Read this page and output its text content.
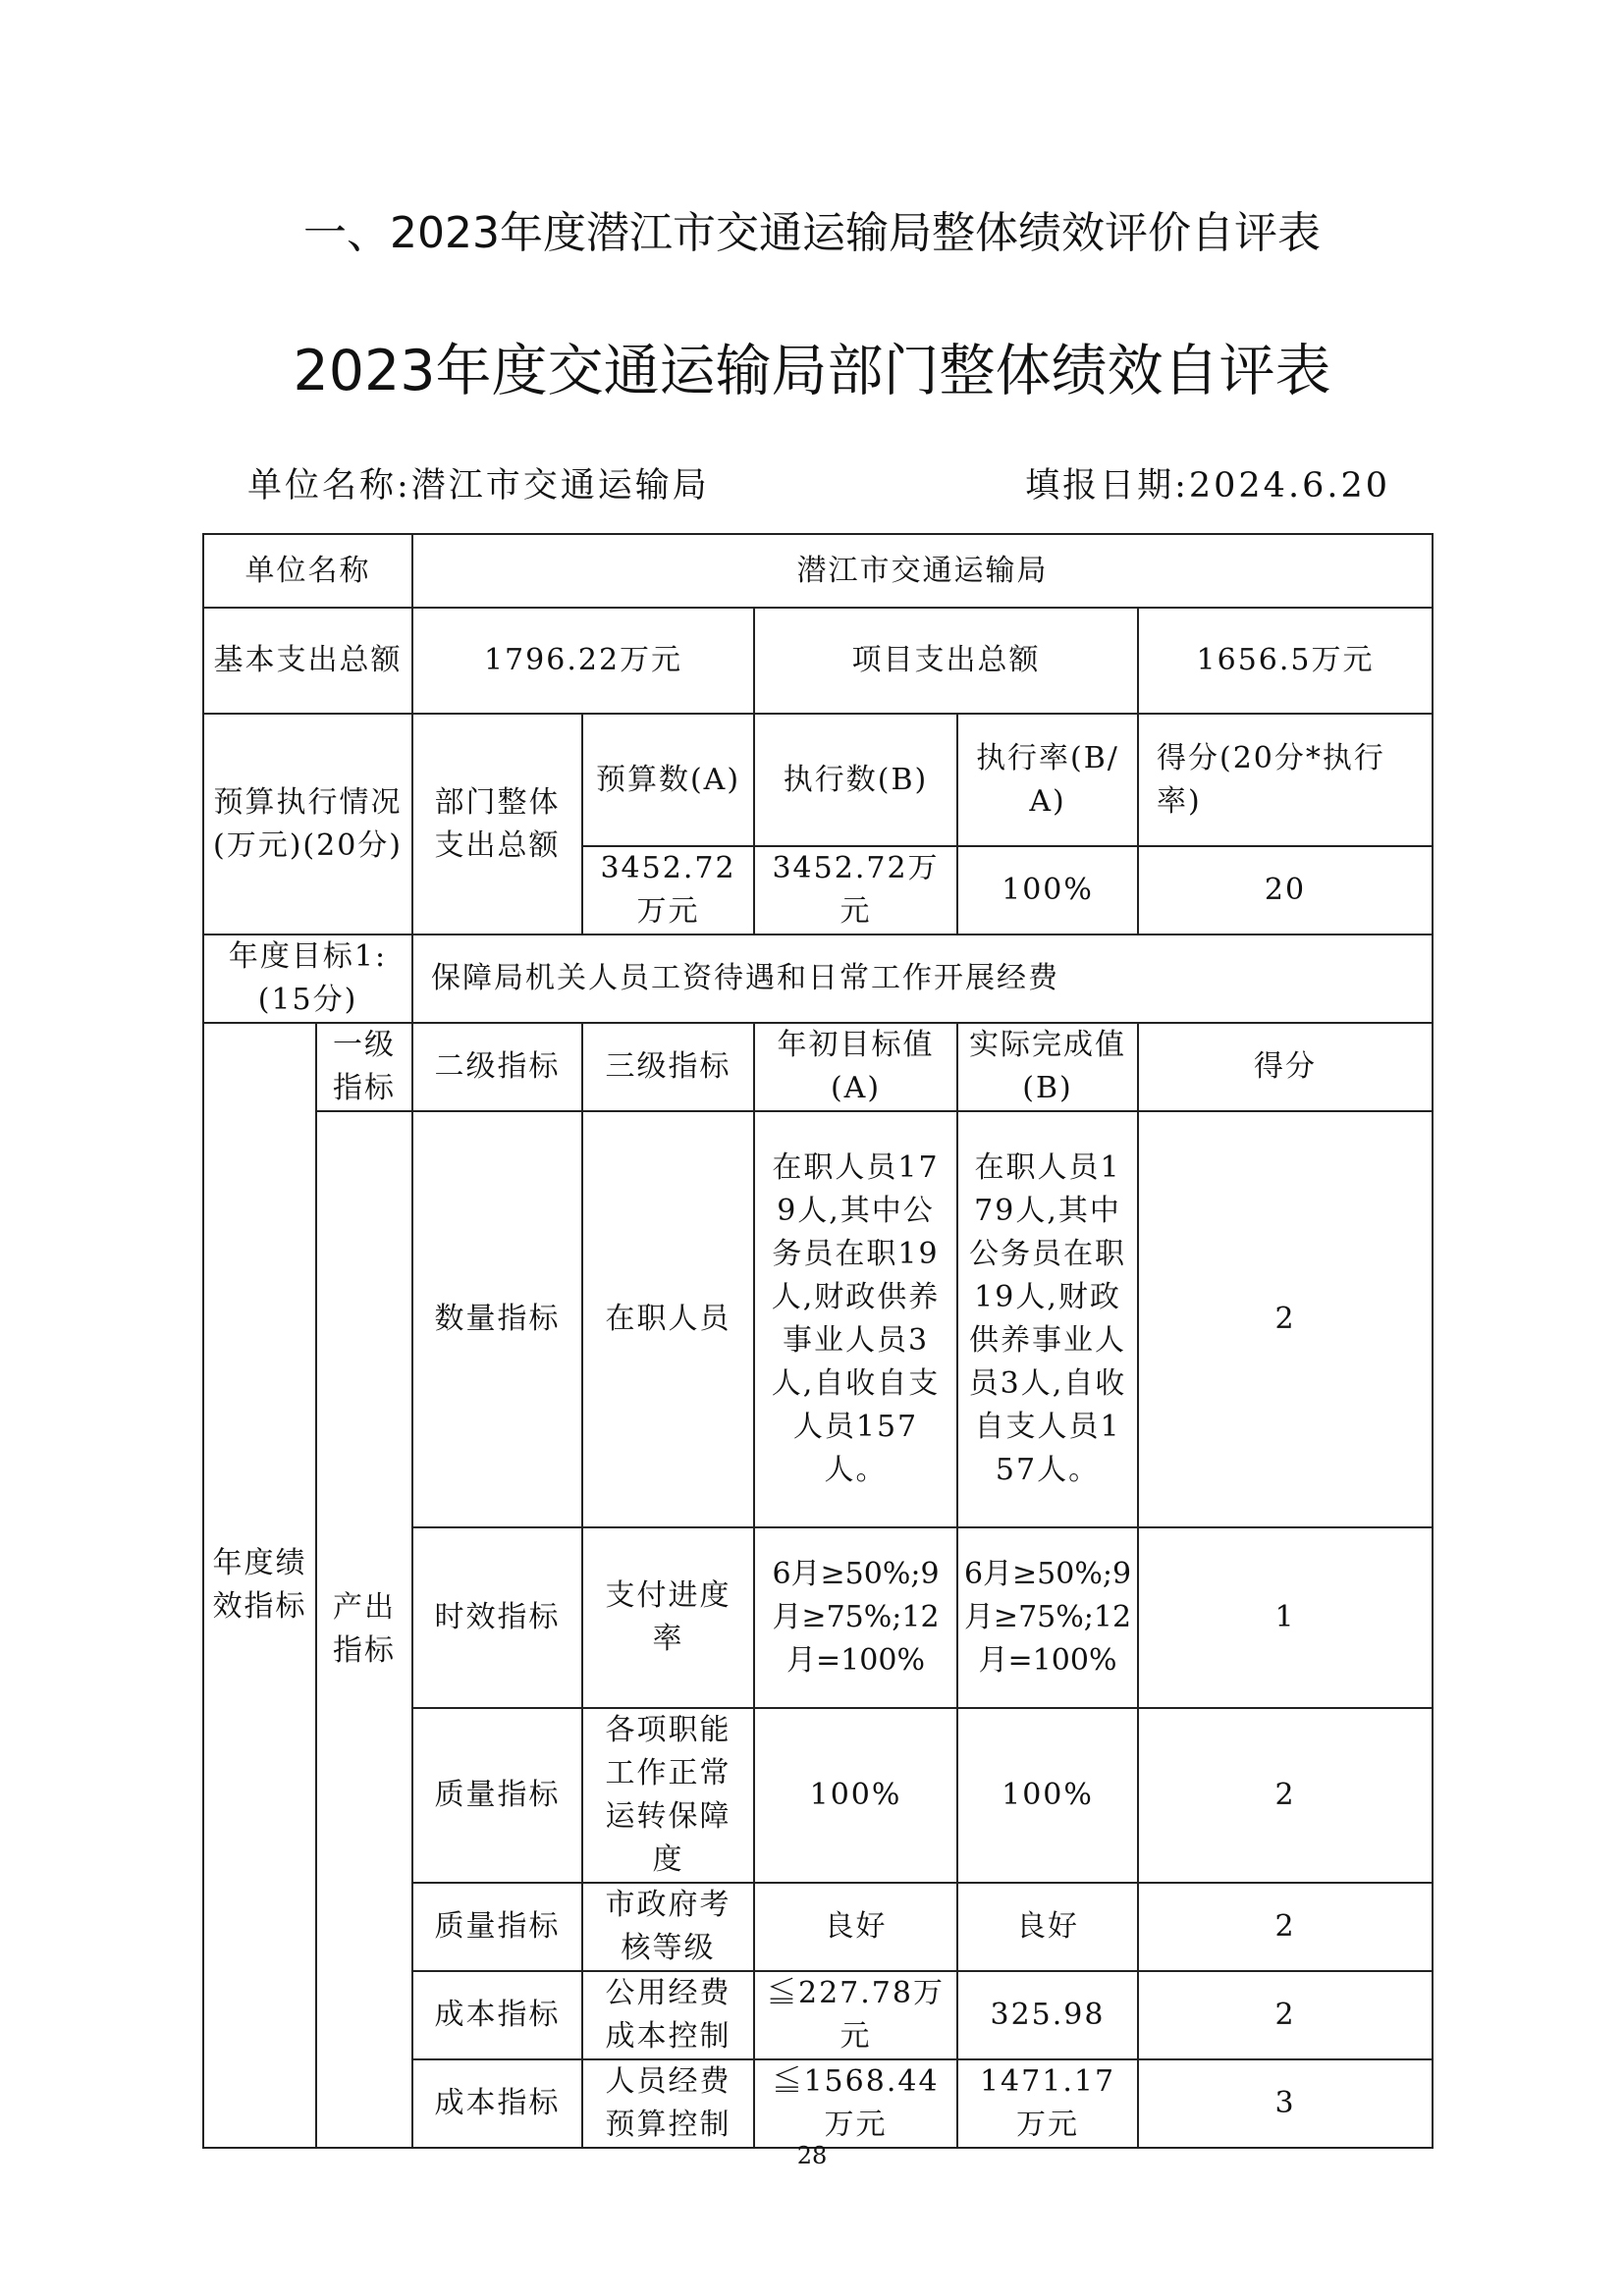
一、2023年度潜江市交通运输局整体绩效评价自评表
2023年度交通运输局部门整体绩效自评表
单位名称:潜江市交通运输局	填报日期:2024.6.20
单位名称		潜江市交通运输局				
基本支出总额		1796.22万元		项目支出总额		1656.5万元
预算执行情况(万元)(20分)		部门整体支出总额	预算数(A)	执行数(B)	执行率(B/A)	得分(20分*执行率)
			3452.72万元	3452.72万元	100%	20
年度目标1:(15分)		保障局机关人员工资待遇和日常工作开展经费				
年度绩效指标	一级指标	二级指标	三级指标	年初目标值(A)	实际完成值(B)	得分
	产出指标	数量指标	在职人员	在职人员179人,其中公务员在职19人,财政供养事业人员3人,自收自支人员157人。	在职人员179人,其中公务员在职19人,财政供养事业人员3人,自收自支人员157人。	2
		时效指标	支付进度率	6月≥50%;9月≥75%;12月=100%	6月≥50%;9月≥75%;12月=100%	1
		质量指标	各项职能工作正常运转保障度	100%	100%	2
		质量指标	市政府考核等级	良好	良好	2
		成本指标	公用经费成本控制	≦227.78万元	325.98	2
		成本指标	人员经费预算控制	≦1568.44万元	1471.17万元	3
28
